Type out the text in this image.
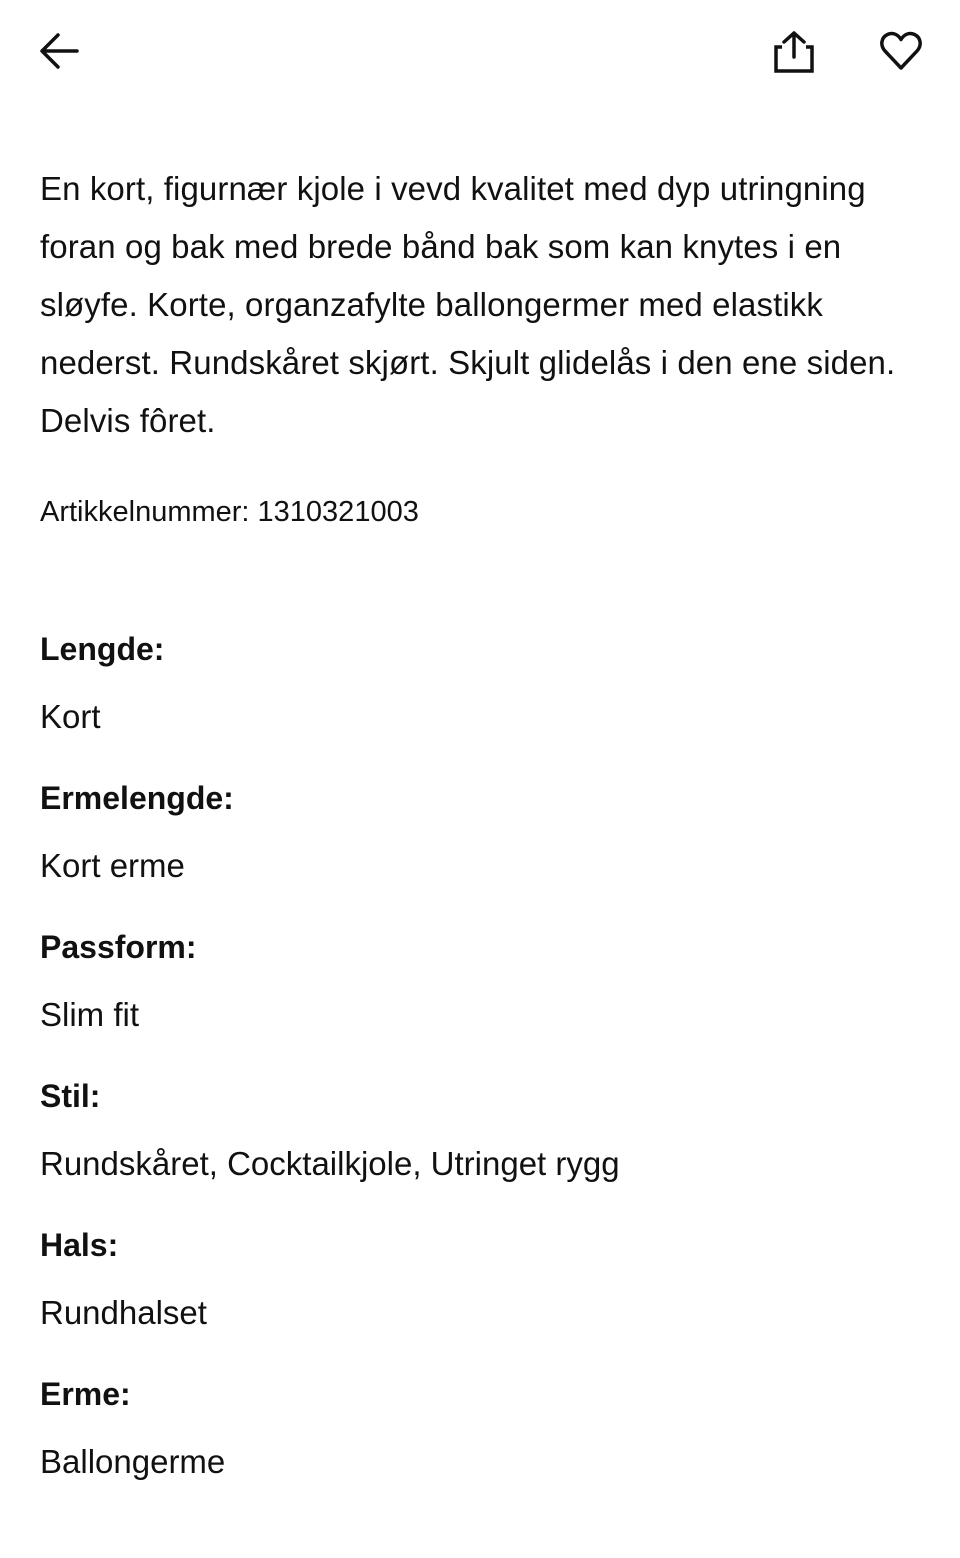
En kort, figurnær kjole i vevd kvalitet med dyp utringning foran og bak med brede bånd bak som kan knytes i en sløyfe. Korte, organzafylte ballongermer med elastikk nederst. Rundskåret skjørt. Skjult glidelås i den ene siden. Delvis fôret.

Artikkelnummer: 1310321003
Lengde:
Kort
Ermelengde:
Kort erme
Passform:
Slim fit
Stil:
Rundskåret, Cocktailkjole, Utringet rygg
Hals:
Rundhalset
Erme:
Ballongerme
